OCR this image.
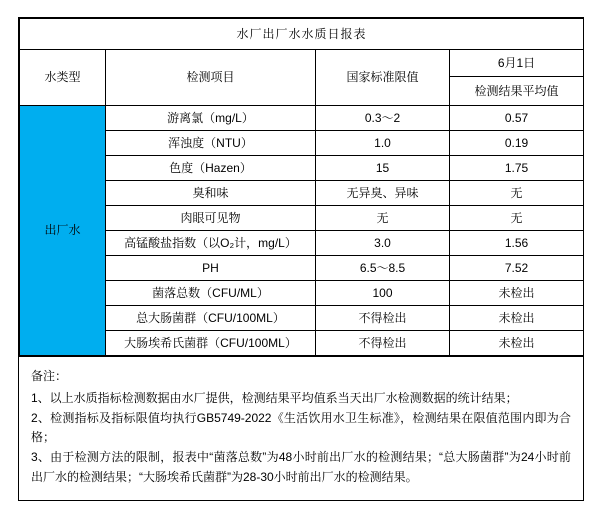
水厂出厂水水质日报表			
水类型	检测项目	国家标准限值	6月1日
			检测结果平均值
出厂水	游离氯（mg/L）	0.3～2	0.57
	浑浊度（NTU）	1.0	0.19
	色度（Hazen）	15	1.75
	臭和味	无异臭、异味	无
	肉眼可见物	无	无
	高锰酸盐指数（以O₂计，mg/L）	3.0	1.56
	PH	6.5～8.5	7.52
	菌落总数（CFU/ML）	100	未检出
	总大肠菌群（CFU/100ML）	不得检出	未检出
	大肠埃希氏菌群（CFU/100ML）	不得检出	未检出

备注：

1、以上水质指标检测数据由水厂提供，检测结果平均值系当天出厂水检测数据的统计结果；

2、检测指标及指标限值均执行GB5749-2022《生活饮用水卫生标准》，检测结果在限值范围内即为合格；

3、由于检测方法的限制，报表中“菌落总数”为48小时前出厂水的检测结果；“总大肠菌群”为24小时前出厂水的检测结果；“大肠埃希氏菌群”为28-30小时前出厂水的检测结果。
